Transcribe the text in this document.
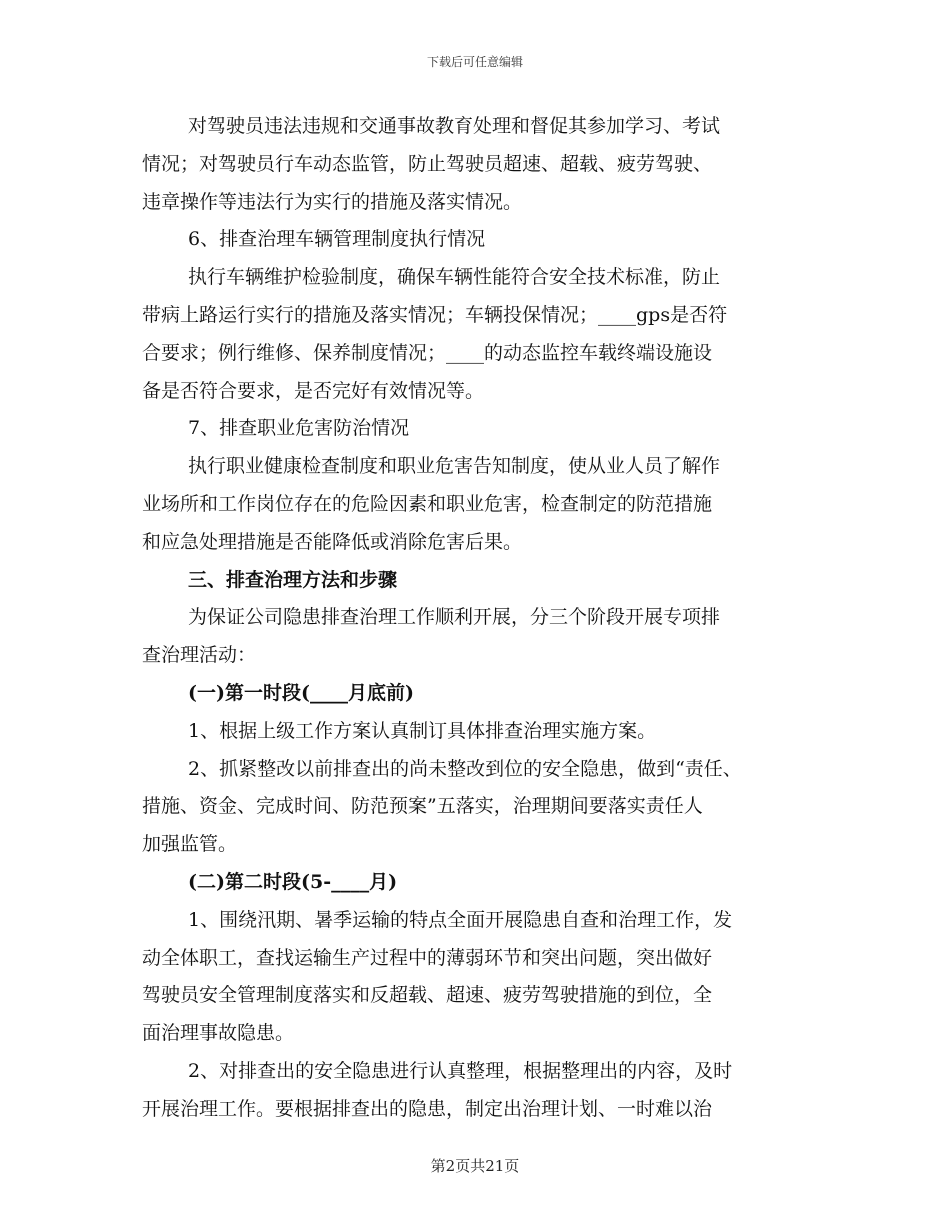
下载后可任意编辑
对驾驶员违法违规和交通事故教育处理和督促其参加学习、考试
情况；对驾驶员行车动态监管，防止驾驶员超速、超载、疲劳驾驶、
违章操作等违法行为实行的措施及落实情况。
6、排查治理车辆管理制度执行情况
执行车辆维护检验制度，确保车辆性能符合安全技术标准，防止
带病上路运行实行的措施及落实情况；车辆投保情况；____gps是否符
合要求；例行维修、保养制度情况；____的动态监控车载终端设施设
备是否符合要求，是否完好有效情况等。
7、排查职业危害防治情况
执行职业健康检查制度和职业危害告知制度，使从业人员了解作
业场所和工作岗位存在的危险因素和职业危害，检查制定的防范措施
和应急处理措施是否能降低或消除危害后果。
三、排查治理方法和步骤
为保证公司隐患排查治理工作顺利开展，分三个阶段开展专项排
查治理活动：
(一)第一时段(____月底前)
1、根据上级工作方案认真制订具体排查治理实施方案。
2、抓紧整改以前排查出的尚未整改到位的安全隐患，做到“责任、
措施、资金、完成时间、防范预案”五落实，治理期间要落实责任人
加强监管。
(二)第二时段(5-____月)
1、围绕汛期、暑季运输的特点全面开展隐患自查和治理工作，发
动全体职工，查找运输生产过程中的薄弱环节和突出问题，突出做好
驾驶员安全管理制度落实和反超载、超速、疲劳驾驶措施的到位，全
面治理事故隐患。
2、对排查出的安全隐患进行认真整理，根据整理出的内容，及时
开展治理工作。要根据排查出的隐患，制定出治理计划、一时难以治
第2页共21页
